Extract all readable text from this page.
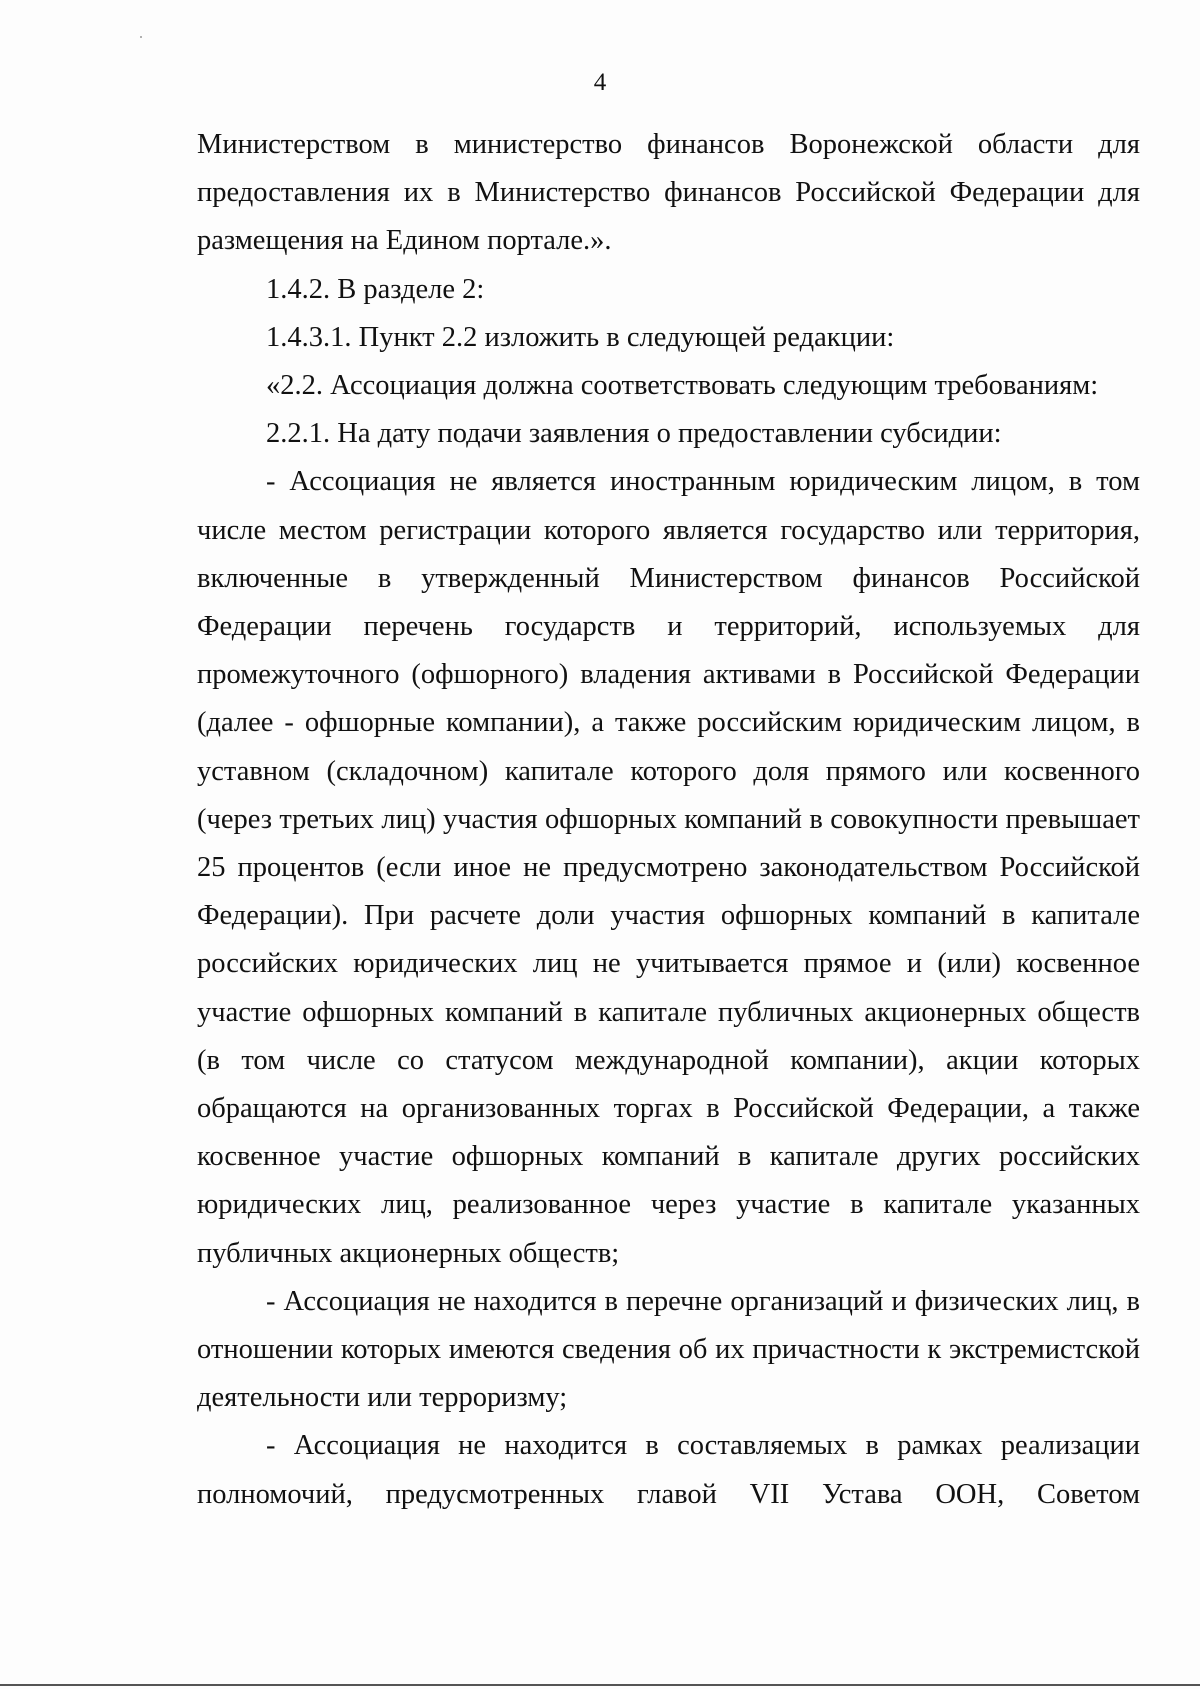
4

Министерством в министерство финансов Воронежской области для предоставления их в Министерство финансов Российской Федерации для размещения на Едином портале.».

1.4.2. В разделе 2:

1.4.3.1. Пункт 2.2 изложить в следующей редакции:

«2.2. Ассоциация должна соответствовать следующим требованиям:

2.2.1. На дату подачи заявления о предоставлении субсидии:

- Ассоциация не является иностранным юридическим лицом, в том числе местом регистрации которого является государство или территория, включенные в утвержденный Министерством финансов Российской Федерации перечень государств и территорий, используемых для промежуточного (офшорного) владения активами в Российской Федерации (далее - офшорные компании), а также российским юридическим лицом, в уставном (складочном) капитале которого доля прямого или косвенного (через третьих лиц) участия офшорных компаний в совокупности превышает 25 процентов (если иное не предусмотрено законодательством Российской Федерации). При расчете доли участия офшорных компаний в капитале российских юридических лиц не учитывается прямое и (или) косвенное участие офшорных компаний в капитале публичных акционерных обществ (в том числе со статусом международной компании), акции которых обращаются на организованных торгах в Российской Федерации, а также косвенное участие офшорных компаний в капитале других российских юридических лиц, реализованное через участие в капитале указанных публичных акционерных обществ;

- Ассоциация не находится в перечне организаций и физических лиц, в отношении которых имеются сведения об их причастности к экстремистской деятельности или терроризму;

- Ассоциация не находится в составляемых в рамках реализации полномочий, предусмотренных главой VII Устава ООН, Советом
